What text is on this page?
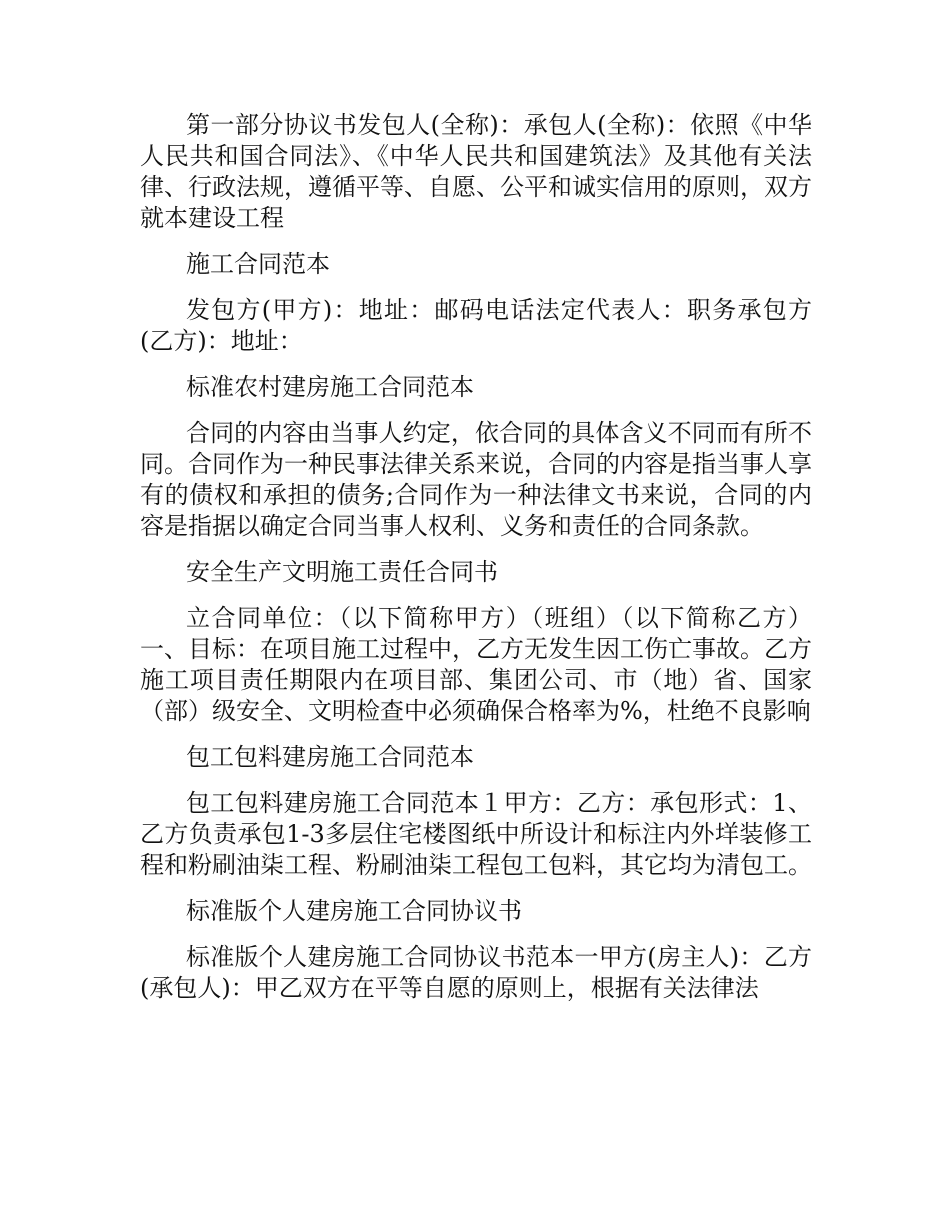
第一部分协议书发包人(全称)：承包人(全称)：依照《中华人民共和国合同法》、《中华人民共和国建筑法》及其他有关法律、行政法规，遵循平等、自愿、公平和诚实信用的原则，双方就本建设工程

施工合同范本

发包方(甲方)：地址：邮码电话法定代表人：职务承包方(乙方)：地址：

标准农村建房施工合同范本

合同的内容由当事人约定，依合同的具体含义不同而有所不同。合同作为一种民事法律关系来说，合同的内容是指当事人享有的债权和承担的债务;合同作为一种法律文书来说，合同的内容是指据以确定合同当事人权利、义务和责任的合同条款。

安全生产文明施工责任合同书

立合同单位：（以下简称甲方）（班组）（以下简称乙方）一、目标：在项目施工过程中，乙方无发生因工伤亡事故。乙方施工项目责任期限内在项目部、集团公司、市（地）省、国家（部）级安全、文明检查中必须确保合格率为%，杜绝不良影响

包工包料建房施工合同范本

包工包料建房施工合同范本１甲方：乙方：承包形式：1、乙方负责承包1-3多层住宅楼图纸中所设计和标注内外垟装修工程和粉刷油柒工程、粉刷油柒工程包工包料，其它均为清包工。

标准版个人建房施工合同协议书

标准版个人建房施工合同协议书范本一甲方(房主人)：乙方(承包人)：甲乙双方在平等自愿的原则上，根据有关法律法
